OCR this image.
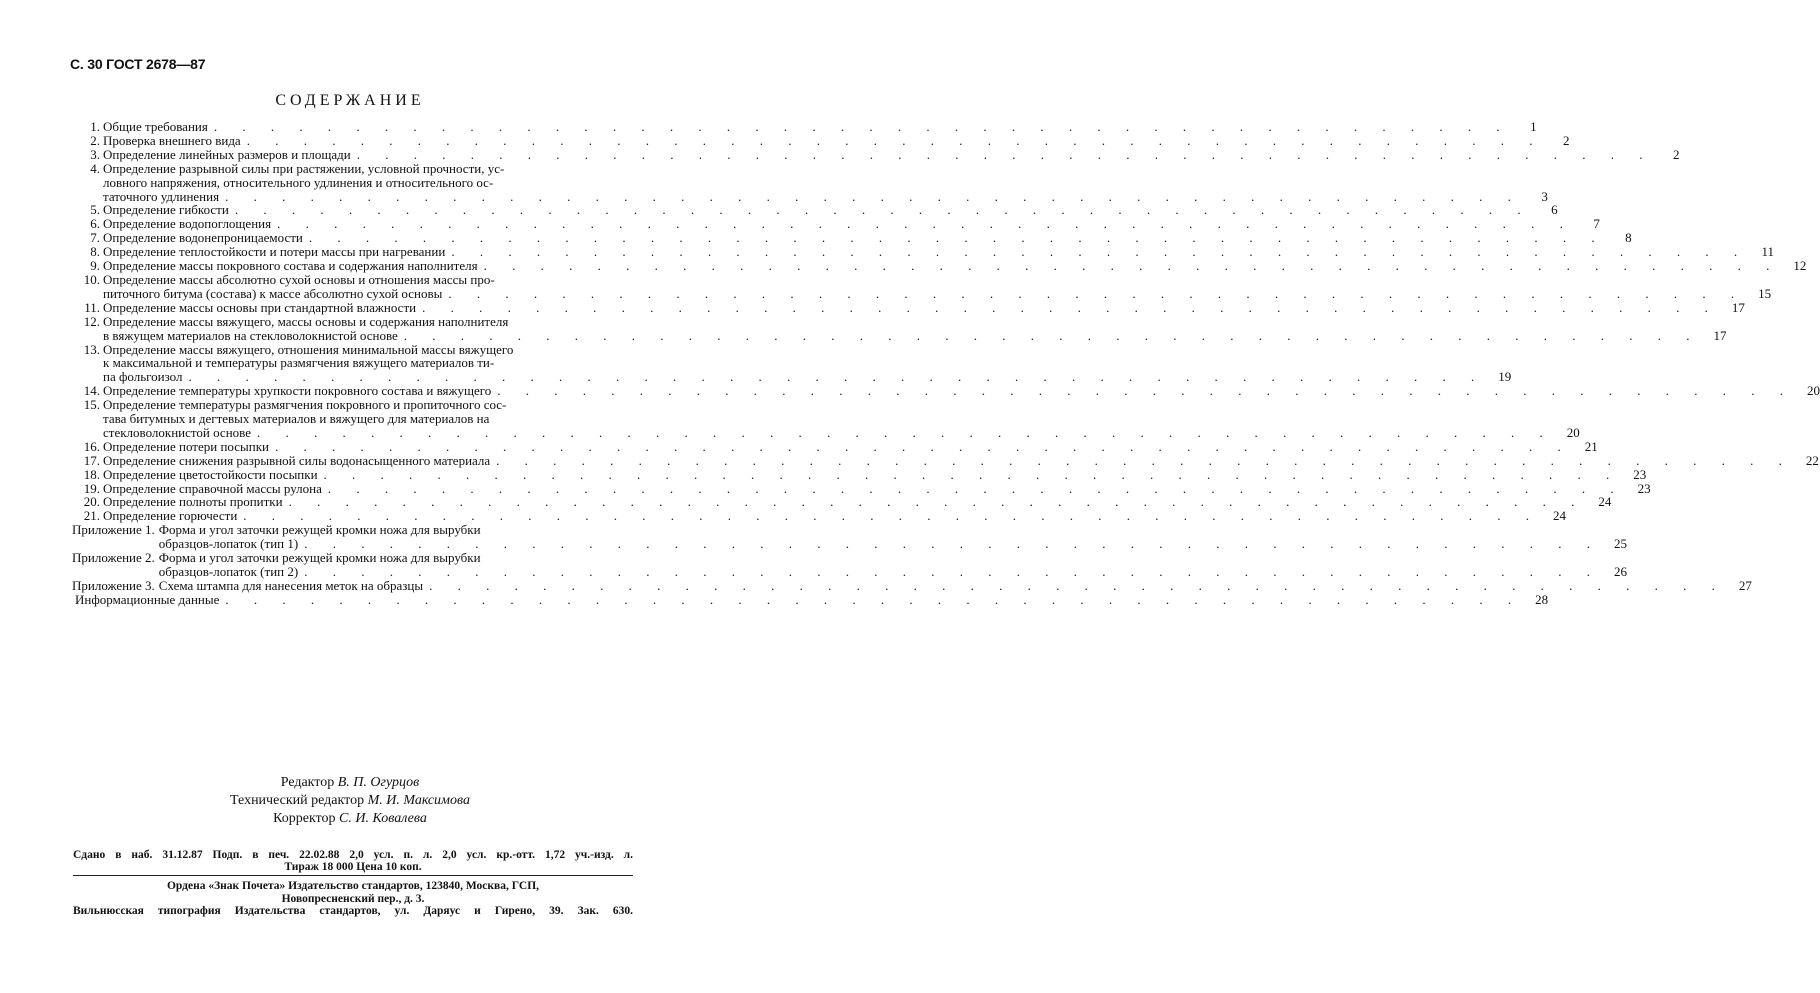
С. 30 ГОСТ 2678—87
СОДЕРЖАНИЕ
1. Общие требования . . .	1
2. Проверка внешнего вида . . .	2
3. Определение линейных размеров и площади . . .	2
4. Определение разрывной силы при растяжении, условной прочности, ус-
ловного напряжения, относительного удлинения и относительного ос-
таточного удлинения . . .	3
5. Определение гибкости . . .	6
6. Определение водопоглощения . . .	7
7. Определение водонепроницаемости . . .	8
8. Определение теплостойкости и потери массы при нагревании . . .	11
9. Определение массы покровного состава и содержания наполнителя . . .	12
10. Определение массы абсолютно сухой основы и отношения массы про-
питочного битума (состава) к массе абсолютно сухой основы . . .	15
11. Определение массы основы при стандартной влажности . . .	17
12. Определение массы вяжущего, массы основы и содержания наполнителя
в вяжущем материалов на стекловолокнистой основе . . .	17
13. Определение массы вяжущего, отношения минимальной массы вяжущего
к максимальной и температуры размягчения вяжущего материалов ти-
па фольгоизол . . .	19
14. Определение температуры хрупкости покровного состава и вяжущего . . .	20
15. Определение температуры размягчения покровного и пропиточного сос-
тава битумных и дегтевых материалов и вяжущего для материалов на
стекловолокнистой основе . . .	20
16. Определение потери посыпки . . .	21
17. Определение снижения разрывной силы водонасыщенного материала . . .	22
18. Определение цветостойкости посыпки . . .	23
19. Определение справочной массы рулона . . .	23
20. Определение полноты пропитки . . .	24
21. Определение горючести . . .	24
Приложение 1. Форма и угол заточки режущей кромки ножа для вырубки
образцов-лопаток (тип 1) . . .	25
Приложение 2. Форма и угол заточки режущей кромки ножа для вырубки
образцов-лопаток (тип 2) . . .	26
Приложение 3. Схема штампа для нанесения меток на образцы . . .	27
Информационные данные . . .	28
Редактор В. П. Огурцов
Технический редактор М. И. Максимова
Корректор С. И. Ковалева
Сдано в наб. 31.12.87 Подп. в печ. 22.02.88 2,0 усл. п. л. 2,0 усл. кр.-отт. 1,72 уч.-изд. л.
Тираж 18 000 Цена 10 коп.
Ордена «Знак Почета» Издательство стандартов, 123840, Москва, ГСП,
Новопресненский пер., д. 3.
Вильнюсская типография Издательства стандартов, ул. Даряус и Гирено, 39. Зак. 630.
